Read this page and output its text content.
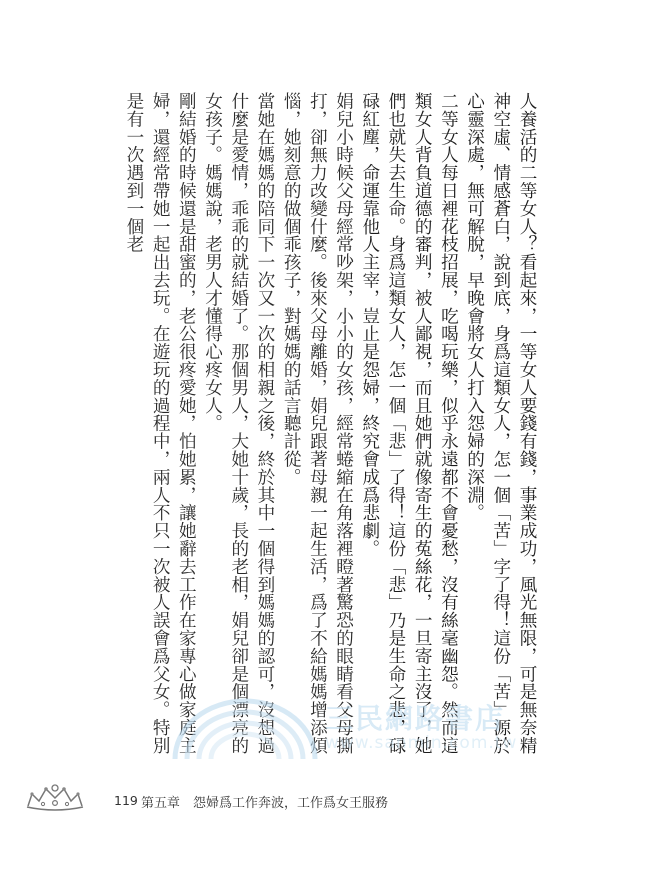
人養活的二等女人？看起來，一等女人要錢有錢，事業成功，風光無限，可是無奈精神空虛、情感蒼白，說到底，身爲這類女人，怎一個「苦」字了得！這份「苦」源於心靈深處，無可解脫，早晚會將女人打入怨婦的深淵。

二等女人每日裡花枝招展，吃喝玩樂，似乎永遠都不會憂愁，沒有絲毫幽怨。然而這類女人背負道德的審判，被人鄙視，而且她們就像寄生的菟絲花，一旦寄主沒了，她們也就失去生命。身爲這類女人，怎一個「悲」了得！這份「悲」乃是生命之悲，碌碌紅塵，命運靠他人主宰，豈止是怨婦，終究會成爲悲劇。

娟兒小時候父母經常吵架，小小的女孩，經常蜷縮在角落裡瞪著驚恐的眼睛看父母撕打，卻無力改變什麼。後來父母離婚，娟兒跟著母親一起生活，爲了不給媽媽增添煩惱，她刻意的做個乖孩子，對媽媽的話言聽計從。

當她在媽媽的陪同下一次又一次的相親之後，終於其中一個得到媽媽的認可，沒想過什麼是愛情，乖乖的就結婚了。那個男人，大她十歲，長的老相，娟兒卻是個漂亮的女孩子。媽媽說，老男人才懂得心疼女人。

剛結婚的時候還是甜蜜的，老公很疼愛她，怕她累，讓她辭去工作在家專心做家庭主婦，還經常帶她一起出去玩。在遊玩的過程中，兩人不只一次被人誤會爲父女。特別是有一次遇到一個老

三民網路書店
www.sanmin.com.tw
119 第五章 怨婦爲工作奔波，工作爲女王服務
